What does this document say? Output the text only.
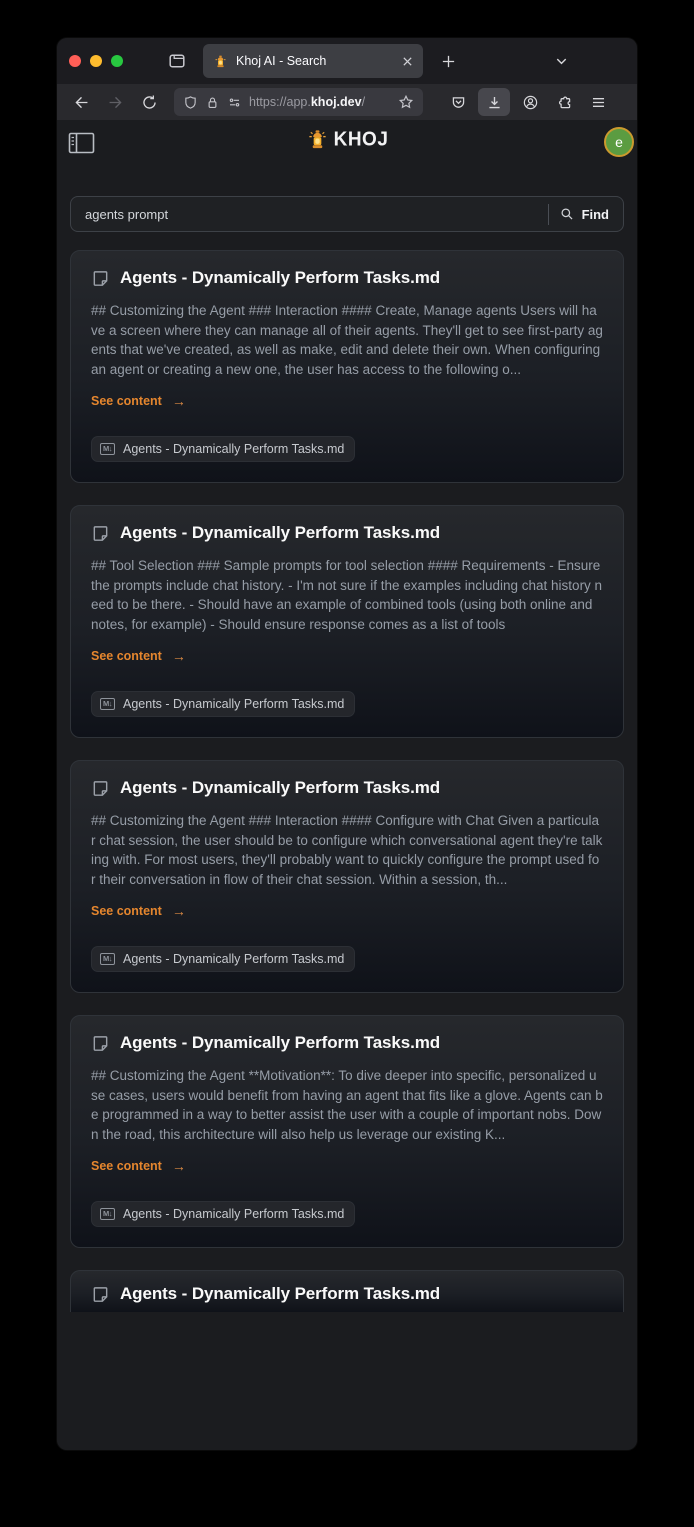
Khoj AI - Search
https://app.khoj.dev/
KHOJ	e
agents prompt	Find
Agents - Dynamically Perform Tasks.md
## Customizing the Agent ### Interaction #### Create, Manage agents Users will have a screen where they can manage all of their agents. They'll get to see first-party agents that we've created, as well as make, edit and delete their own. When configuring an agent or creating a new one, the user has access to the following o...
See content →
M↓ Agents - Dynamically Perform Tasks.md
Agents - Dynamically Perform Tasks.md
## Tool Selection ### Sample prompts for tool selection #### Requirements - Ensure the prompts include chat history. - I'm not sure if the examples including chat history need to be there. - Should have an example of combined tools (using both online and notes, for example) - Should ensure response comes as a list of tools
See content →
M↓ Agents - Dynamically Perform Tasks.md
Agents - Dynamically Perform Tasks.md
## Customizing the Agent ### Interaction #### Configure with Chat Given a particular chat session, the user should be to configure which conversational agent they're talking with. For most users, they'll probably want to quickly configure the prompt used for their conversation in flow of their chat session. Within a session, th...
See content →
M↓ Agents - Dynamically Perform Tasks.md
Agents - Dynamically Perform Tasks.md
## Customizing the Agent **Motivation**: To dive deeper into specific, personalized use cases, users would benefit from having an agent that fits like a glove. Agents can be programmed in a way to better assist the user with a couple of important nobs. Down the road, this architecture will also help us leverage our existing K...
See content →
M↓ Agents - Dynamically Perform Tasks.md
Agents - Dynamically Perform Tasks.md
